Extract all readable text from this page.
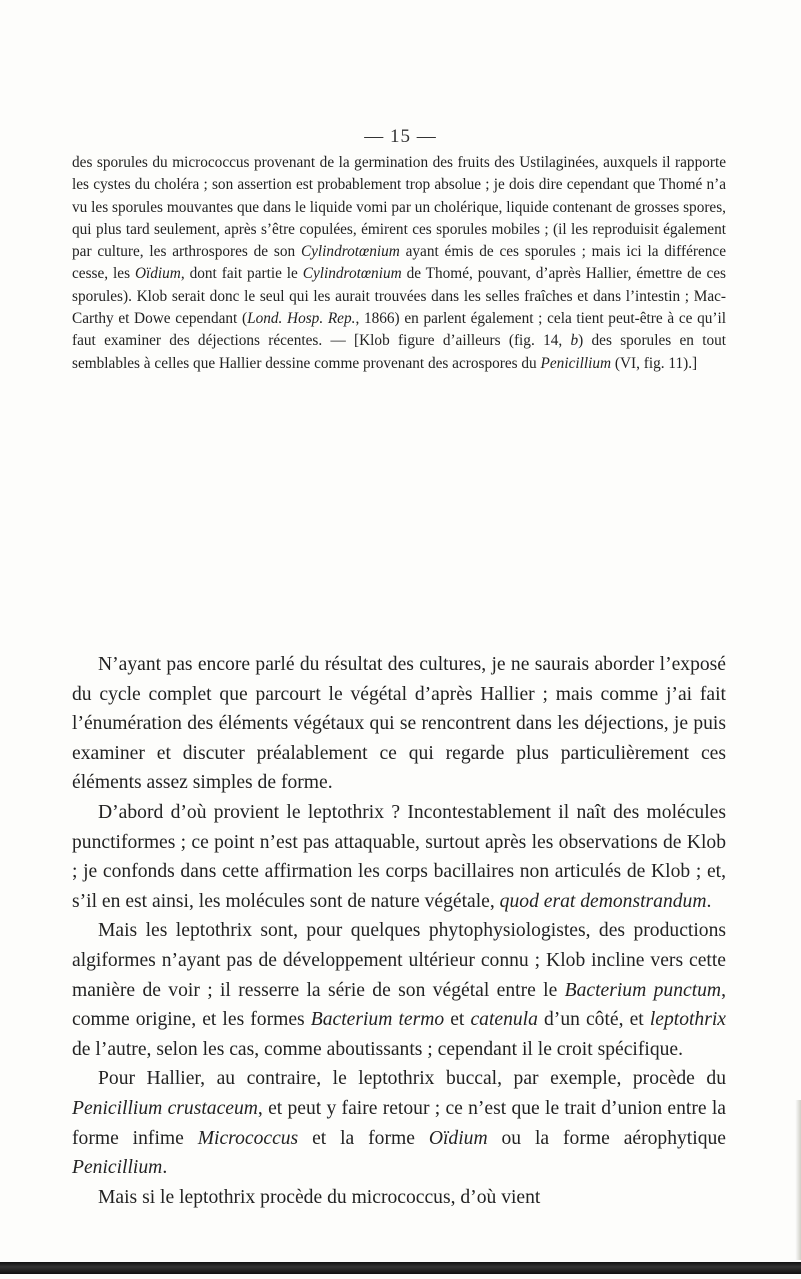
— 15 —

des sporules du micrococcus provenant de la germination des fruits des Ustilaginées, auxquels il rapporte les cystes du choléra ; son assertion est probablement trop absolue ; je dois dire cependant que Thomé n’a vu les sporules mouvantes que dans le liquide vomi par un cholérique, liquide contenant de grosses spores, qui plus tard seulement, après s’être copulées, émirent ces sporules mobiles ; (il les reproduisit également par culture, les arthrospores de son Cylindrotœnium ayant émis de ces sporules ; mais ici la différence cesse, les Oïdium, dont fait partie le Cylindrotœnium de Thomé, pouvant, d’après Hallier, émettre de ces sporules). Klob serait donc le seul qui les aurait trouvées dans les selles fraîches et dans l’intestin ; Mac-Carthy et Dowe cependant (Lond. Hosp. Rep., 1866) en parlent également ; cela tient peut-être à ce qu’il faut examiner des déjections récentes. — [Klob figure d’ailleurs (fig. 14, b) des sporules en tout semblables à celles que Hallier dessine comme provenant des acrospores du Penicillium (VI, fig. 11).]

N’ayant pas encore parlé du résultat des cultures, je ne saurais aborder l’exposé du cycle complet que parcourt le végétal d’après Hallier ; mais comme j’ai fait l’énumération des éléments végétaux qui se rencontrent dans les déjections, je puis examiner et discuter préalablement ce qui regarde plus particulièrement ces éléments assez simples de forme.

D’abord d’où provient le leptothrix ? Incontestablement il naît des molécules punctiformes ; ce point n’est pas attaquable, surtout après les observations de Klob ; je confonds dans cette affirmation les corps bacillaires non articulés de Klob ; et, s’il en est ainsi, les molécules sont de nature végétale, quod erat demonstrandum.

Mais les leptothrix sont, pour quelques phytophysiologistes, des productions algiformes n’ayant pas de développement ultérieur connu ; Klob incline vers cette manière de voir ; il resserre la série de son végétal entre le Bacterium punctum, comme origine, et les formes Bacterium termo et catenula d’un côté, et leptothrix de l’autre, selon les cas, comme aboutissants ; cependant il le croit spécifique.

Pour Hallier, au contraire, le leptothrix buccal, par exemple, procède du Penicillium crustaceum, et peut y faire retour ; ce n’est que le trait d’union entre la forme infime Micrococcus et la forme Oïdium ou la forme aérophytique Penicillium.

Mais si le leptothrix procède du micrococcus, d’où vient
